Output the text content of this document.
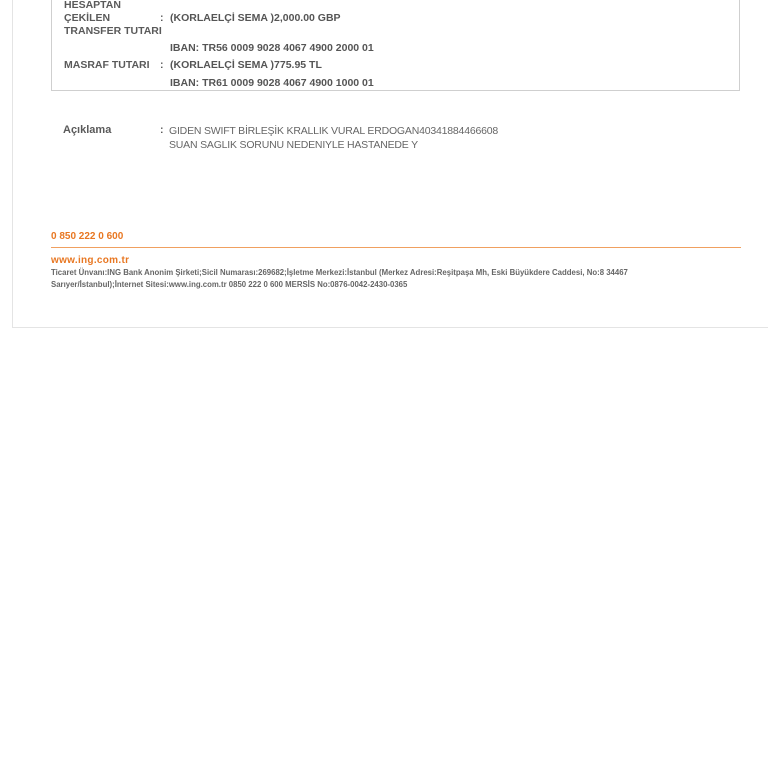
HESAPTAN
ÇEKİLEN
TRANSFER TUTARI
: (KORLAELÇİ SEMA )2,000.00 GBP
IBAN: TR56 0009 9028 4067 4900 2000 01
MASRAF TUTARI : (KORLAELÇİ SEMA )775.95 TL
IBAN: TR61 0009 9028 4067 4900 1000 01
Açıklama	: GIDEN SWIFT BİRLEŞİK KRALLIK VURAL ERDOGAN40341884466608
SUAN SAGLIK SORUNU NEDENIYLE HASTANEDE Y
0 850 222 0 600
www.ing.com.tr
Ticaret Ünvanı:ING Bank Anonim Şirketi;Sicil Numarası:269682;İşletme Merkezi:İstanbul (Merkez Adresi:Reşitpaşa Mh, Eski Büyükdere Caddesi, No:8 34467
Sarıyer/İstanbul);İnternet Sitesi:www.ing.com.tr 0850 222 0 600 MERSİS No:0876-0042-2430-0365
